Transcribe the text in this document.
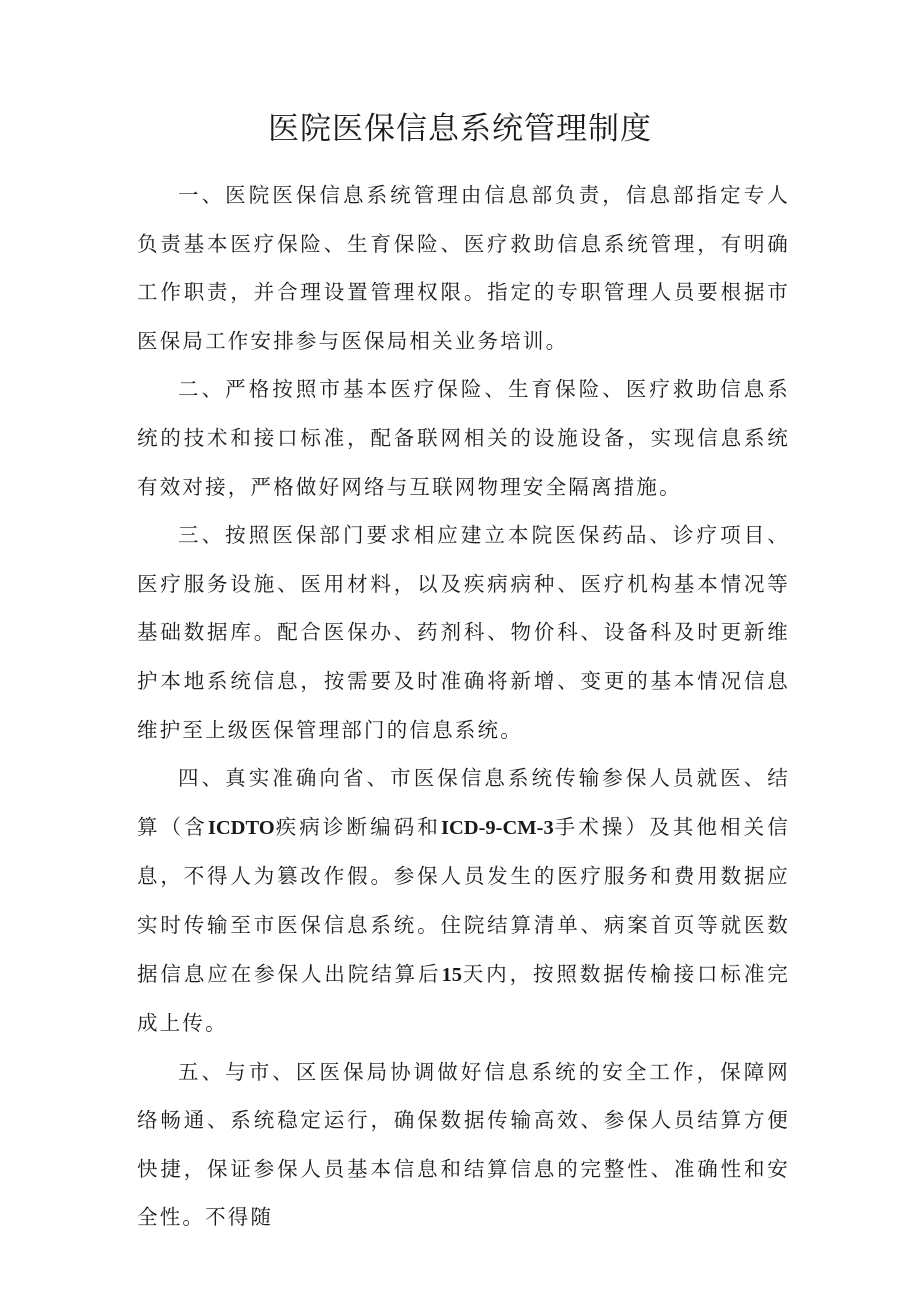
医院医保信息系统管理制度

一、医院医保信息系统管理由信息部负责，信息部指定专人负责基本医疗保险、生育保险、医疗救助信息系统管理，有明确工作职责，并合理设置管理权限。指定的专职管理人员要根据市医保局工作安排参与医保局相关业务培训。

二、严格按照市基本医疗保险、生育保险、医疗救助信息系统的技术和接口标准，配备联网相关的设施设备，实现信息系统有效对接，严格做好网络与互联网物理安全隔离措施。

三、按照医保部门要求相应建立本院医保药品、诊疗项目、医疗服务设施、医用材料，以及疾病病种、医疗机构基本情况等基础数据库。配合医保办、药剂科、物价科、设备科及时更新维护本地系统信息，按需要及时准确将新增、变更的基本情况信息维护至上级医保管理部门的信息系统。

四、真实准确向省、市医保信息系统传输参保人员就医、结算（含ICDTO疾病诊断编码和ICD-9-CM-3手术操）及其他相关信息，不得人为篡改作假。参保人员发生的医疗服务和费用数据应实时传输至市医保信息系统。住院结算清单、病案首页等就医数据信息应在参保人出院结算后15天内，按照数据传榆接口标准完成上传。

五、与市、区医保局协调做好信息系统的安全工作，保障网络畅通、系统稳定运行，确保数据传输高效、参保人员结算方便快捷，保证参保人员基本信息和结算信息的完整性、准确性和安全性。不得随
